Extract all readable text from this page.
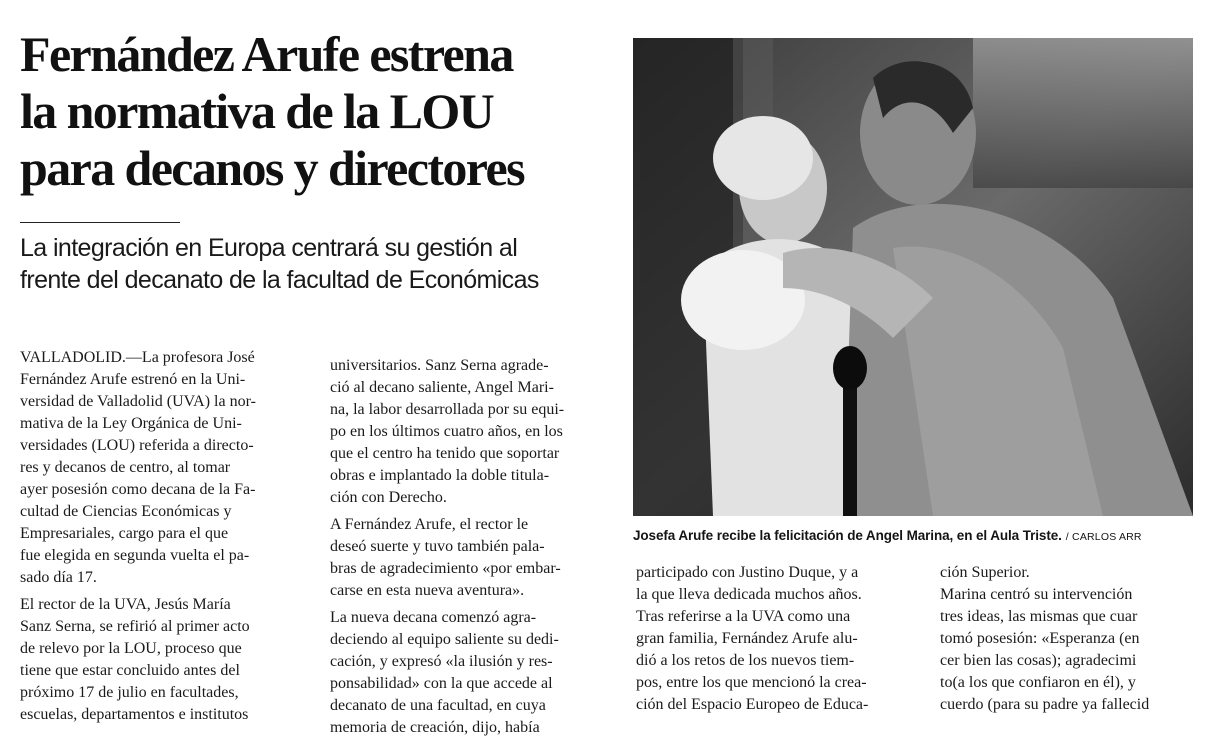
Fernández Arufe estrena
la normativa de la LOU
para decanos y directores
La integración en Europa centrará su gestión al
frente del decanato de la facultad de Económicas
VALLADOLID.—La profesora José
Fernández Arufe estrenó en la Uni-
versidad de Valladolid (UVA) la nor-
mativa de la Ley Orgánica de Uni-
versidades (LOU) referida a directo-
res y decanos de centro, al tomar
ayer posesión como decana de la Fa-
cultad de Ciencias Económicas y
Empresariales, cargo para el que
fue elegida en segunda vuelta el pa-
sado día 17.
El rector de la UVA, Jesús María
Sanz Serna, se refirió al primer acto
de relevo por la LOU, proceso que
tiene que estar concluido antes del
próximo 17 de julio en facultades,
escuelas, departamentos e institutos
universitarios. Sanz Serna agrade-
ció al decano saliente, Angel Mari-
na, la labor desarrollada por su equi-
po en los últimos cuatro años, en los
que el centro ha tenido que soportar
obras e implantado la doble titula-
ción con Derecho.
A Fernández Arufe, el rector le
deseó suerte y tuvo también pala-
bras de agradecimiento «por embar-
carse en esta nueva aventura».
La nueva decana comenzó agra-
deciendo al equipo saliente su dedi-
cación, y expresó «la ilusión y res-
ponsabilidad» con la que accede al
decanato de una facultad, en cuya
memoria de creación, dijo, había
participado con Justino Duque, y a
la que lleva dedicada muchos años.
Tras referirse a la UVA como una
gran familia, Fernández Arufe alu-
dió a los retos de los nuevos tiem-
pos, entre los que mencionó la crea-
ción del Espacio Europeo de Educa-
ción Superior.
Marina centró su intervención
tres ideas, las mismas que cuar
tomó posesión: «Esperanza (en
cer bien las cosas); agradecimi
to(a los que confiaron en él), y
cuerdo (para su padre ya fallecid
Josefa Arufe recibe la felicitación de Angel Marina, en el Aula Triste. / CARLOS ARR
